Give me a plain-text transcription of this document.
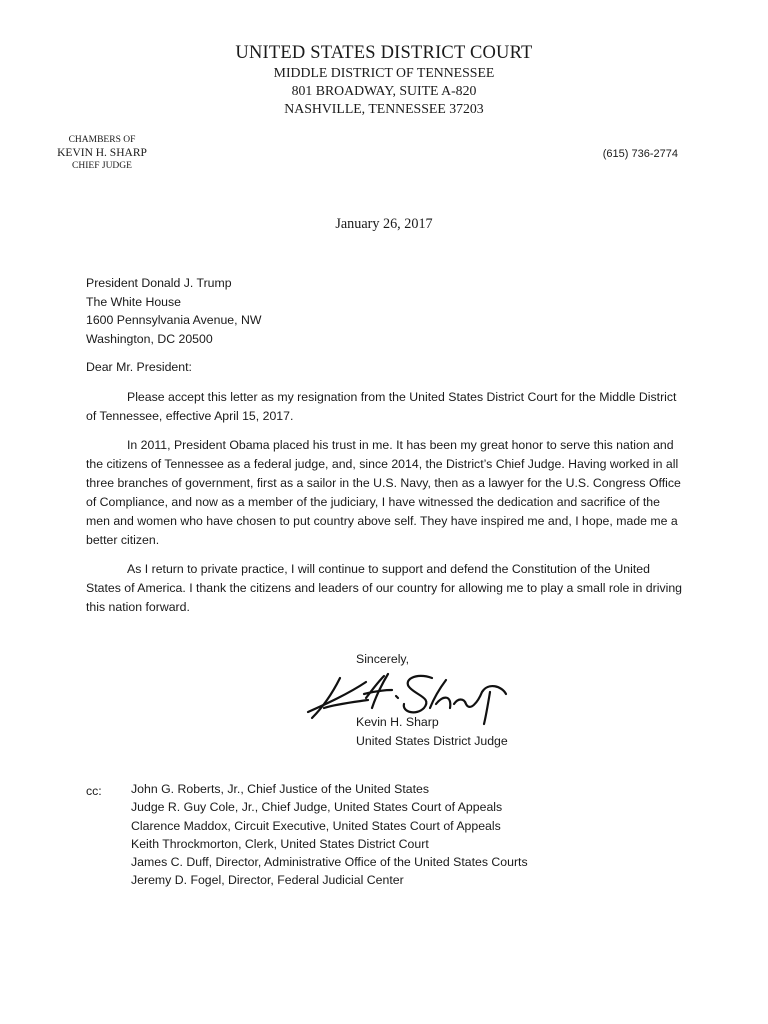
UNITED STATES DISTRICT COURT
MIDDLE DISTRICT OF TENNESSEE
801 BROADWAY, SUITE A-820
NASHVILLE, TENNESSEE 37203
CHAMBERS OF
KEVIN H. SHARP
CHIEF JUDGE
(615) 736-2774
January 26, 2017
President Donald J. Trump
The White House
1600 Pennsylvania Avenue, NW
Washington, DC 20500
Dear Mr. President:

Please accept this letter as my resignation from the United States District Court for the Middle District of Tennessee, effective April 15, 2017.

In 2011, President Obama placed his trust in me. It has been my great honor to serve this nation and the citizens of Tennessee as a federal judge, and, since 2014, the District’s Chief Judge. Having worked in all three branches of government, first as a sailor in the U.S. Navy, then as a lawyer for the U.S. Congress Office of Compliance, and now as a member of the judiciary, I have witnessed the dedication and sacrifice of the men and women who have chosen to put country above self. They have inspired me and, I hope, made me a better citizen.

As I return to private practice, I will continue to support and defend the Constitution of the United States of America. I thank the citizens and leaders of our country for allowing me to play a small role in driving this nation forward.

Sincerely,
Kevin H. Sharp
United States District Judge
cc: John G. Roberts, Jr., Chief Justice of the United States
Judge R. Guy Cole, Jr., Chief Judge, United States Court of Appeals
Clarence Maddox, Circuit Executive, United States Court of Appeals
Keith Throckmorton, Clerk, United States District Court
James C. Duff, Director, Administrative Office of the United States Courts
Jeremy D. Fogel, Director, Federal Judicial Center
